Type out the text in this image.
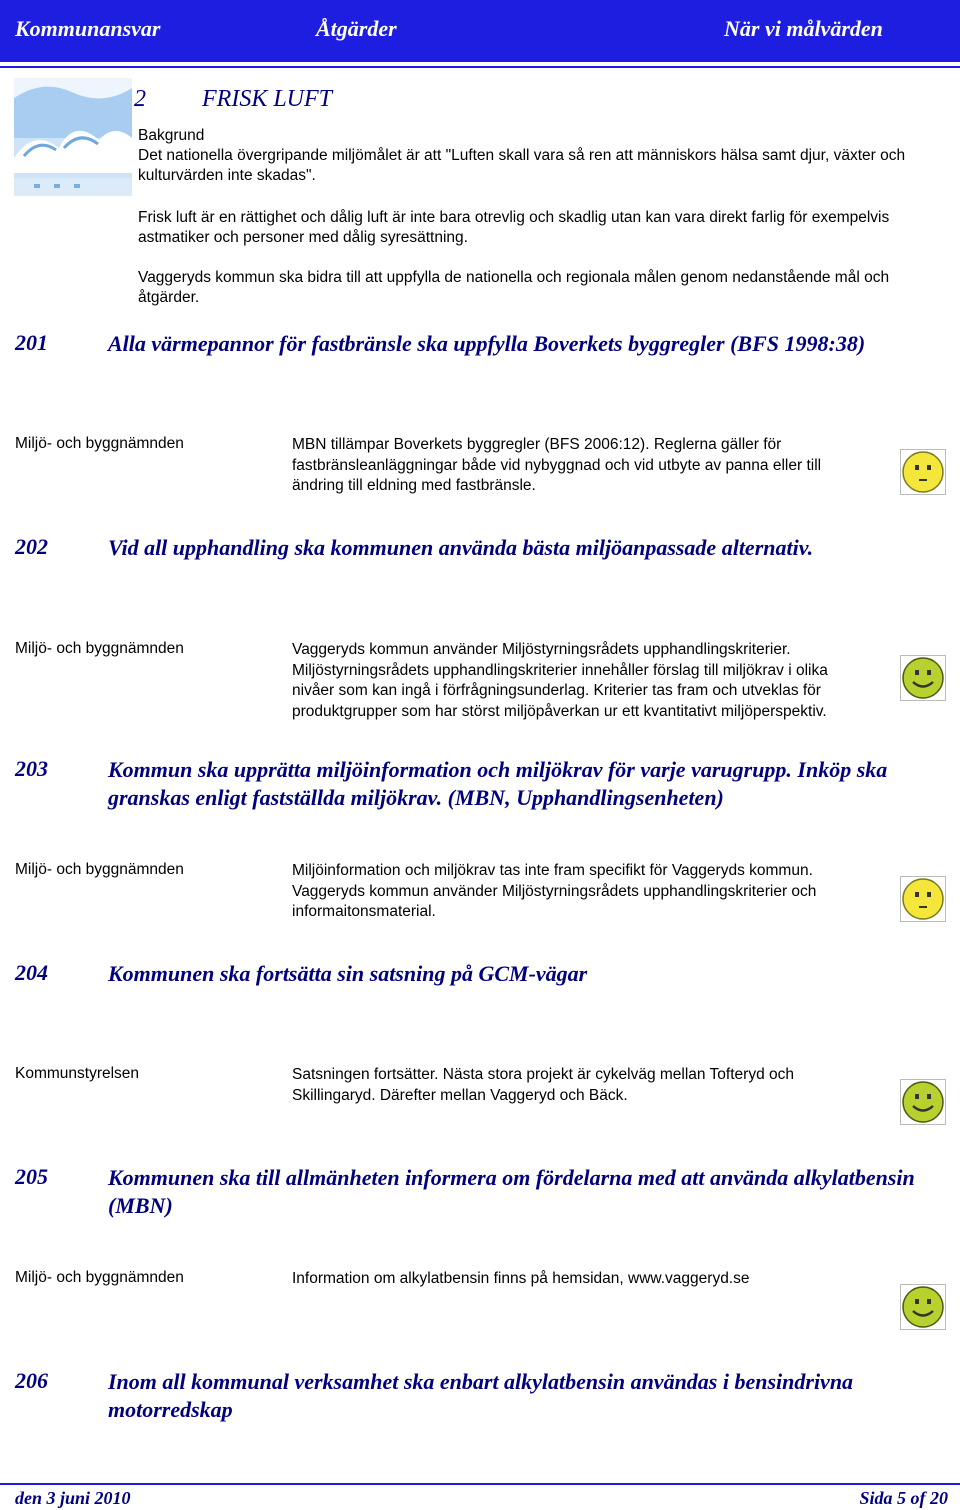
Kommunansvar	Åtgärder	När vi målvärden
2 FRISK LUFT

Bakgrund
Det nationella övergripande miljömålet är att "Luften skall vara så ren att människors hälsa samt djur, växter och kulturvärden inte skadas".

Frisk luft är en rättighet och dålig luft är inte bara otrevlig och skadlig utan kan vara direkt farlig för exempelvis astmatiker och personer med dålig syresättning.

Vaggeryds kommun ska bidra till att uppfylla de nationella och regionala målen genom nedanstående mål och åtgärder.

201	Alla värmepannor för fastbränsle ska uppfylla Boverkets byggregler (BFS 1998:38)

Miljö- och byggnämnden	MBN tillämpar Boverkets byggregler (BFS 2006:12). Reglerna gäller för fastbränsleanläggningar både vid nybyggnad och vid utbyte av panna eller till ändring till eldning med fastbränsle.

202	Vid all upphandling ska kommunen använda bästa miljöanpassade alternativ.

Miljö- och byggnämnden	Vaggeryds kommun använder Miljöstyrningsrådets upphandlingskriterier. Miljöstyrningsrådets upphandlingskriterier innehåller förslag till miljökrav i olika nivåer som kan ingå i förfrågningsunderlag. Kriterier tas fram och utveklas för produktgrupper som har störst miljöpåverkan ur ett kvantitativt miljöperspektiv.

203	Kommun ska upprätta miljöinformation och miljökrav för varje varugrupp. Inköp ska granskas enligt fastställda miljökrav. (MBN, Upphandlingsenheten)

Miljö- och byggnämnden	Miljöinformation och miljökrav tas inte fram specifikt för Vaggeryds kommun. Vaggeryds kommun använder Miljöstyrningsrådets upphandlingskriterier och informaitonsmaterial.

204	Kommunen ska fortsätta sin satsning på GCM-vägar

Kommunstyrelsen	Satsningen fortsätter. Nästa stora projekt är cykelväg mellan Tofteryd och Skillingaryd. Därefter mellan Vaggeryd och Bäck.

205	Kommunen ska till allmänheten informera om fördelarna med att använda alkylatbensin (MBN)

Miljö- och byggnämnden	Information om alkylatbensin finns på hemsidan, www.vaggeryd.se

206	Inom all kommunal verksamhet ska enbart alkylatbensin användas i bensindrivna motorredskap

den 3 juni 2010	Sida 5 of 20
